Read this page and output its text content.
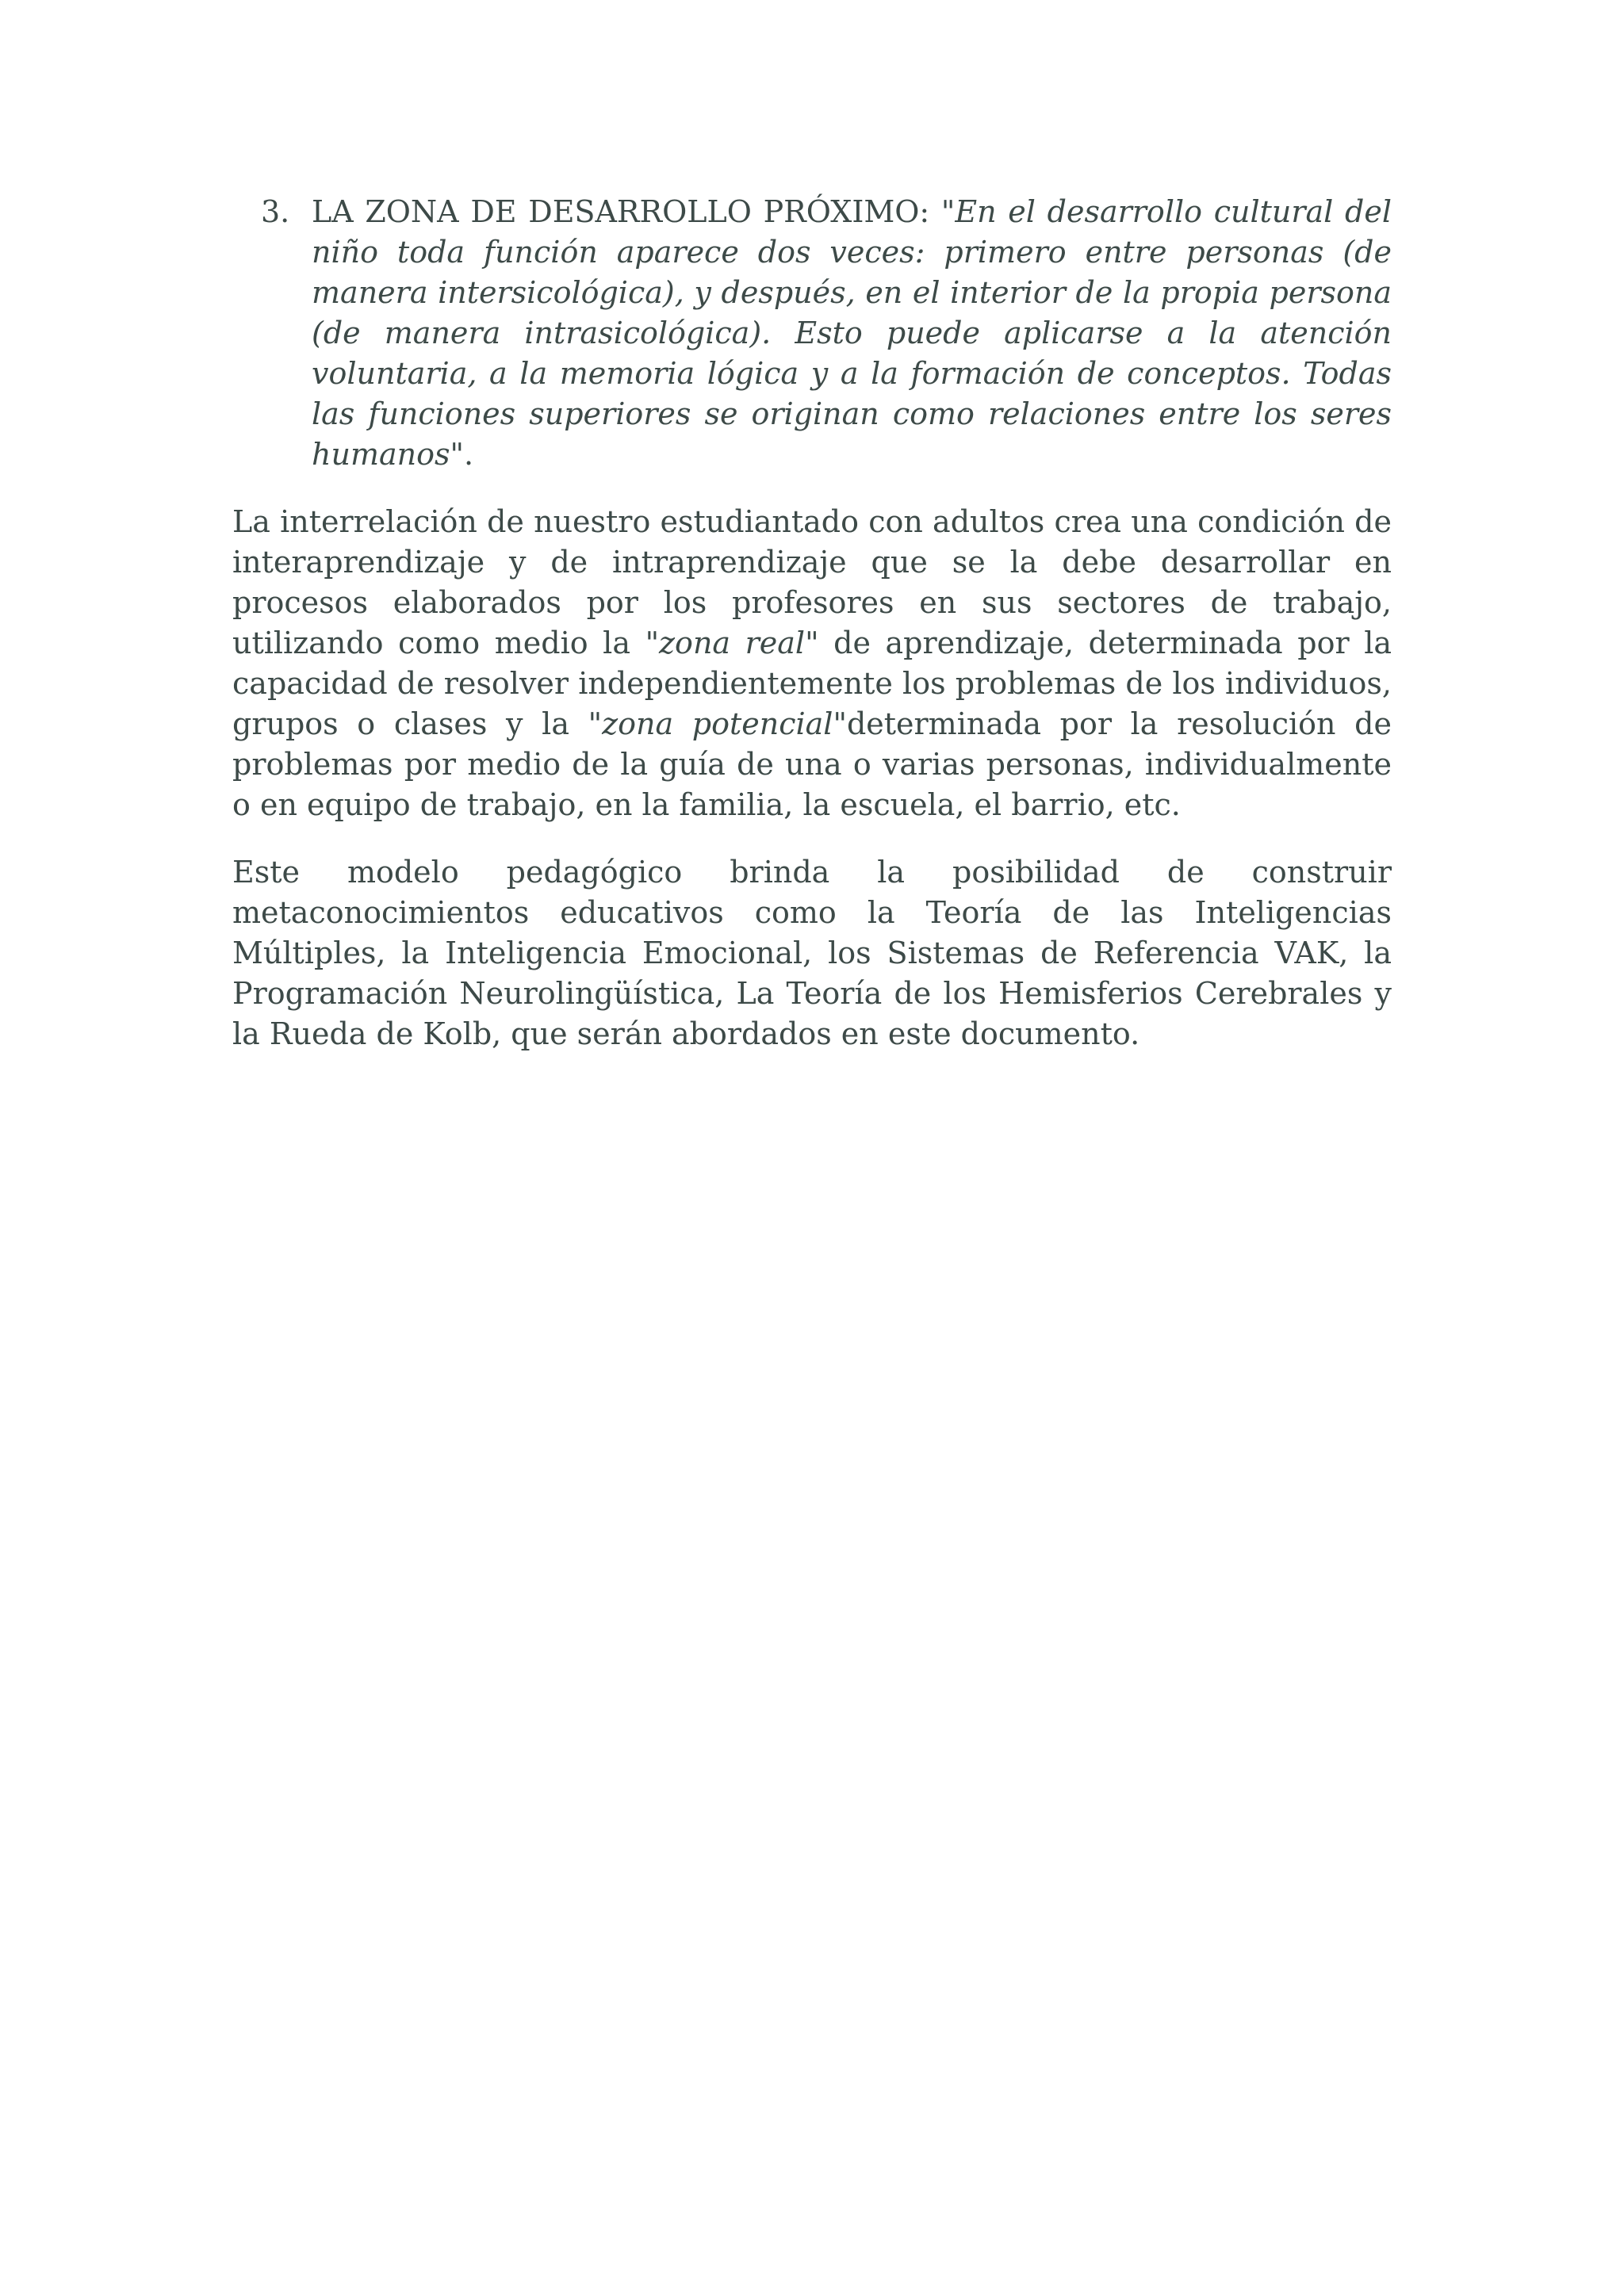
3. LA ZONA DE DESARROLLO PRÓXIMO: "En el desarrollo cultural del niño toda función aparece dos veces: primero entre personas (de manera intersicológica), y después, en el interior de la propia persona (de manera intrasicológica). Esto puede aplicarse a la atención voluntaria, a la memoria lógica y a la formación de conceptos. Todas las funciones superiores se originan como relaciones entre los seres humanos".

La interrelación de nuestro estudiantado con adultos crea una condición de interaprendizaje y de intraprendizaje que se la debe desarrollar en procesos elaborados por los profesores en sus sectores de trabajo, utilizando como medio la "zona real" de aprendizaje, determinada por la capacidad de resolver independientemente los problemas de los individuos, grupos o clases y la "zona potencial"determinada por la resolución de problemas por medio de la guía de una o varias personas, individualmente o en equipo de trabajo, en la familia, la escuela, el barrio, etc.

Este modelo pedagógico brinda la posibilidad de construir metaconocimientos educativos como la Teoría de las Inteligencias Múltiples, la Inteligencia Emocional, los Sistemas de Referencia VAK, la Programación Neurolingüística, La Teoría de los Hemisferios Cerebrales y la Rueda de Kolb, que serán abordados en este documento.
